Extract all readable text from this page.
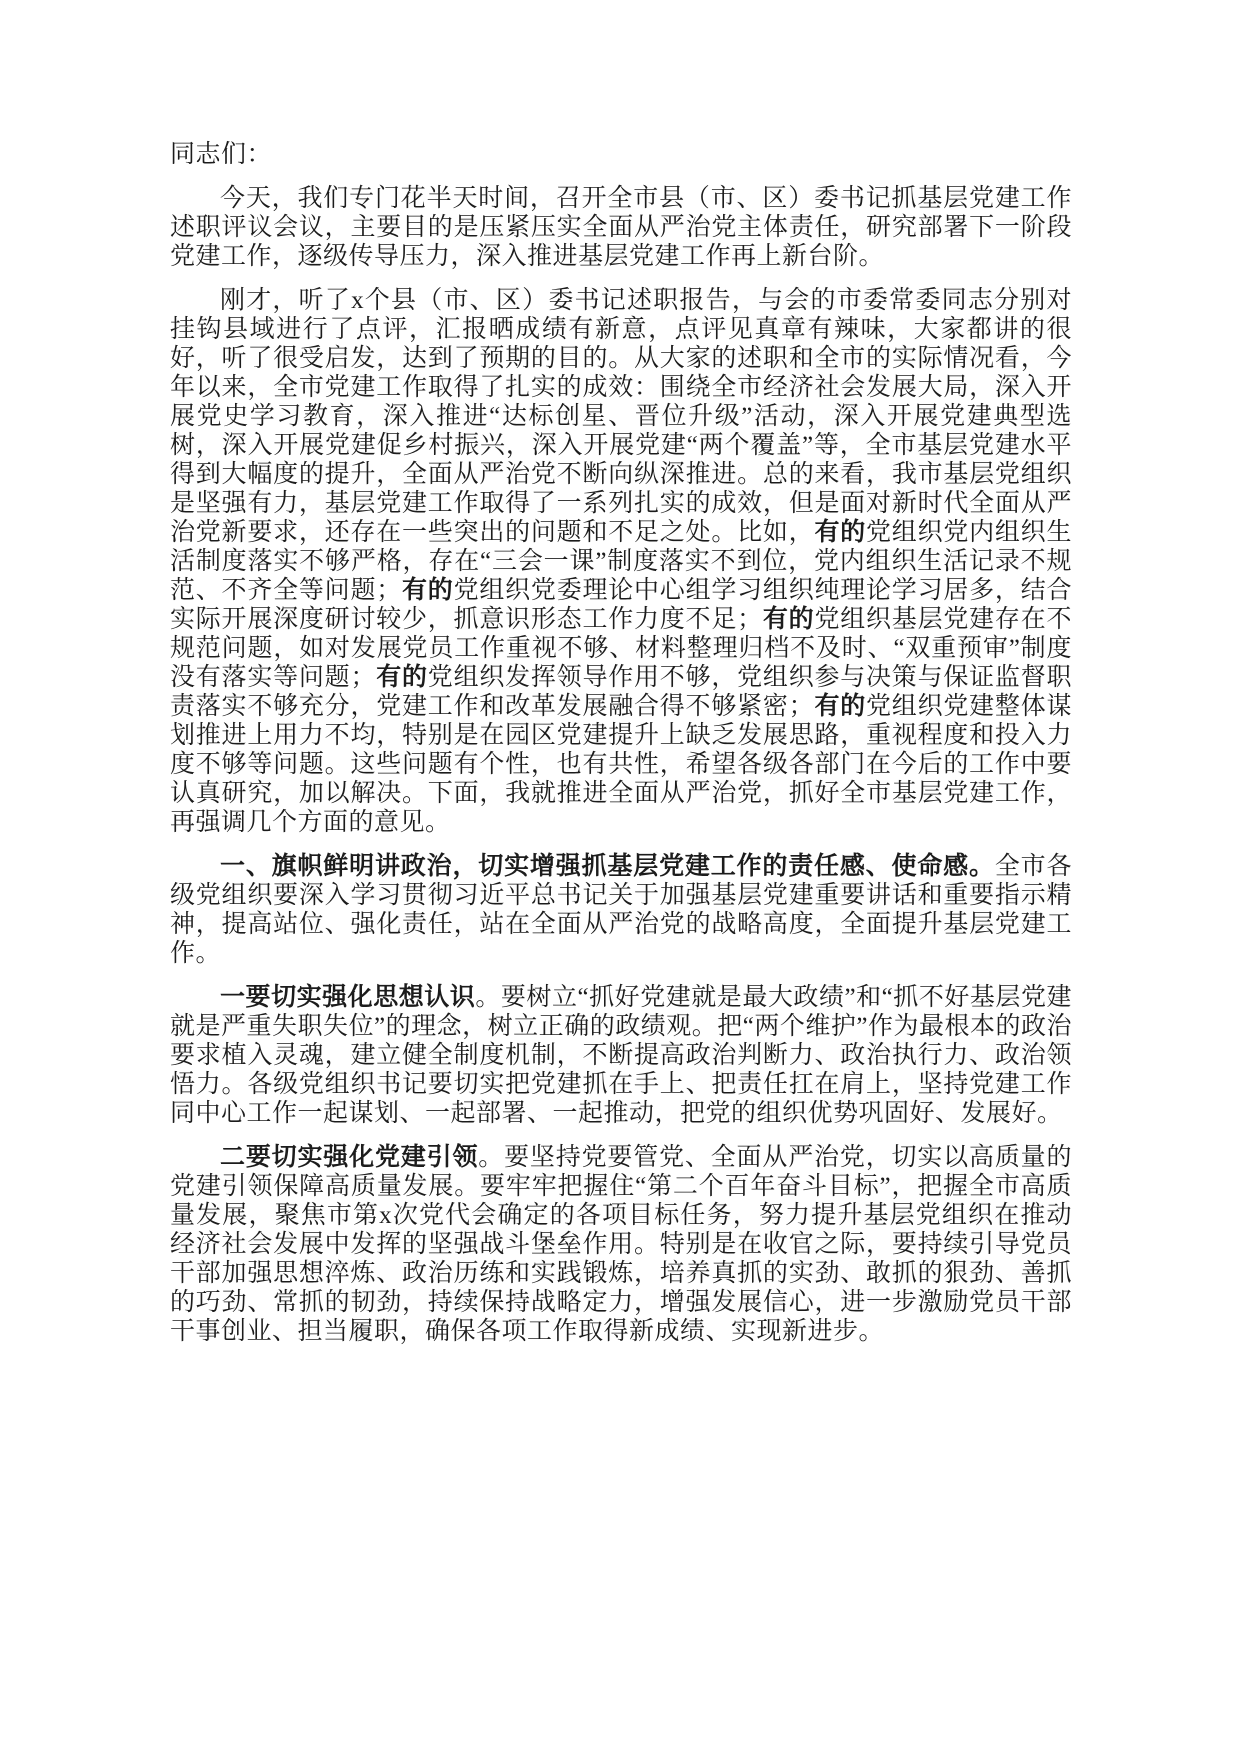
同志们：

今天，我们专门花半天时间，召开全市县（市、区）委书记抓基层党建工作述职评议会议，主要目的是压紧压实全面从严治党主体责任，研究部署下一阶段党建工作，逐级传导压力，深入推进基层党建工作再上新台阶。

刚才，听了x个县（市、区）委书记述职报告，与会的市委常委同志分别对挂钩县域进行了点评，汇报晒成绩有新意，点评见真章有辣味，大家都讲的很好，听了很受启发，达到了预期的目的。从大家的述职和全市的实际情况看，今年以来，全市党建工作取得了扎实的成效：围绕全市经济社会发展大局，深入开展党史学习教育，深入推进“达标创星、晋位升级”活动，深入开展党建典型选树，深入开展党建促乡村振兴，深入开展党建“两个覆盖”等，全市基层党建水平得到大幅度的提升，全面从严治党不断向纵深推进。总的来看，我市基层党组织是坚强有力，基层党建工作取得了一系列扎实的成效，但是面对新时代全面从严治党新要求，还存在一些突出的问题和不足之处。比如，有的党组织党内组织生活制度落实不够严格，存在“三会一课”制度落实不到位，党内组织生活记录不规范、不齐全等问题；有的党组织党委理论中心组学习组织纯理论学习居多，结合实际开展深度研讨较少，抓意识形态工作力度不足；有的党组织基层党建存在不规范问题，如对发展党员工作重视不够、材料整理归档不及时、“双重预审”制度没有落实等问题；有的党组织发挥领导作用不够，党组织参与决策与保证监督职责落实不够充分，党建工作和改革发展融合得不够紧密；有的党组织党建整体谋划推进上用力不均，特别是在园区党建提升上缺乏发展思路，重视程度和投入力度不够等问题。这些问题有个性，也有共性，希望各级各部门在今后的工作中要认真研究，加以解决。下面，我就推进全面从严治党，抓好全市基层党建工作，再强调几个方面的意见。

一、旗帜鲜明讲政治，切实增强抓基层党建工作的责任感、使命感。全市各级党组织要深入学习贯彻习近平总书记关于加强基层党建重要讲话和重要指示精神，提高站位、强化责任，站在全面从严治党的战略高度，全面提升基层党建工作。

一要切实强化思想认识。要树立“抓好党建就是最大政绩”和“抓不好基层党建就是严重失职失位”的理念，树立正确的政绩观。把“两个维护”作为最根本的政治要求植入灵魂，建立健全制度机制，不断提高政治判断力、政治执行力、政治领悟力。各级党组织书记要切实把党建抓在手上、把责任扛在肩上，坚持党建工作同中心工作一起谋划、一起部署、一起推动，把党的组织优势巩固好、发展好。

二要切实强化党建引领。要坚持党要管党、全面从严治党，切实以高质量的党建引领保障高质量发展。要牢牢把握住“第二个百年奋斗目标”，把握全市高质量发展，聚焦市第x次党代会确定的各项目标任务，努力提升基层党组织在推动经济社会发展中发挥的坚强战斗堡垒作用。特别是在收官之际，要持续引导党员干部加强思想淬炼、政治历练和实践锻炼，培养真抓的实劲、敢抓的狠劲、善抓的巧劲、常抓的韧劲，持续保持战略定力，增强发展信心，进一步激励党员干部干事创业、担当履职，确保各项工作取得新成绩、实现新进步。
